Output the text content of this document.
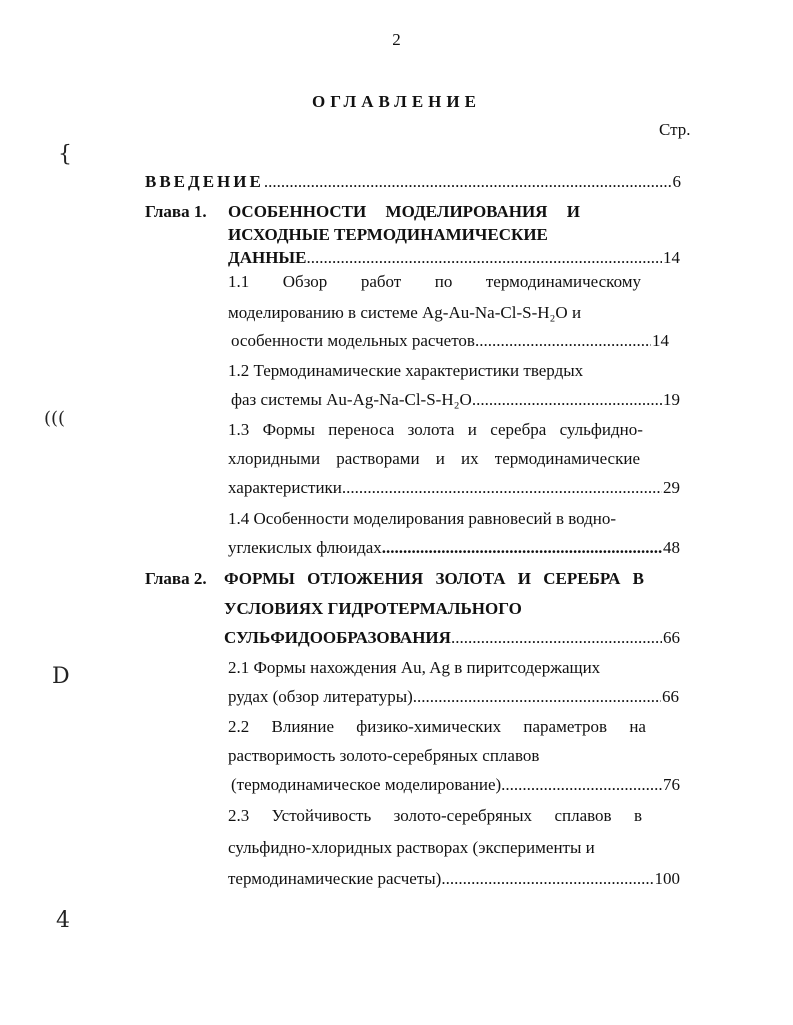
2
ОГЛАВЛЕНИЕ
Стр.
{
(((
D
4
ВВЕДЕНИЕ .....	6
Глава 1. ОСОБЕННОСТИ МОДЕЛИРОВАНИЯ И
ИСХОДНЫЕ ТЕРМОДИНАМИЧЕСКИЕ
ДАННЫЕ .....	14
1.1 Обзор работ по термодинамическому
моделированию в системе Ag-Au-Na-Cl-S-H₂O и
особенности модельных расчетов .....	14
1.2 Термодинамические характеристики твердых
фаз системы Au-Ag-Na-Cl-S-H₂O .....	19
1.3 Формы переноса золота и серебра сульфидно-
хлоридными растворами и их термодинамические
характеристики .....	29
1.4 Особенности моделирования равновесий в водно-
углекислых флюидах .....	48
Глава 2. ФОРМЫ ОТЛОЖЕНИЯ ЗОЛОТА И СЕРЕБРА В
УСЛОВИЯХ ГИДРОТЕРМАЛЬНОГО
СУЛЬФИДООБРАЗОВАНИЯ .....	66
2.1 Формы нахождения Au, Ag в пиритсодержащих
рудах (обзор литературы) .....	66
2.2 Влияние физико-химических параметров на
растворимость золото-серебряных сплавов
(термодинамическое моделирование) .....	76
2.3 Устойчивость золото-серебряных сплавов в
сульфидно-хлоридных растворах (эксперименты и
термодинамические расчеты) .....	100
